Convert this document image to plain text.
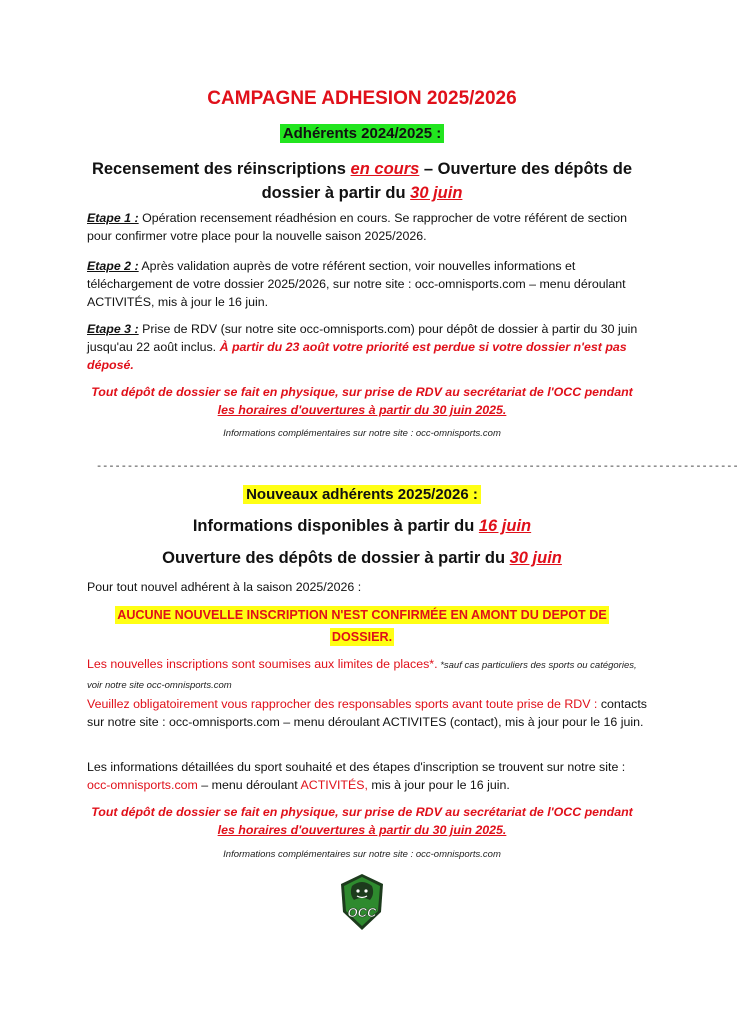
CAMPAGNE ADHESION 2025/2026
Adhérents 2024/2025 :
Recensement des réinscriptions en cours – Ouverture des dépôts de
dossier à partir du 30 juin
Etape 1 : Opération recensement réadhésion en cours. Se rapprocher de votre référent de section pour confirmer votre place pour la nouvelle saison 2025/2026.
Etape 2 : Après validation auprès de votre référent section, voir nouvelles informations et téléchargement de votre dossier 2025/2026, sur notre site : occ-omnisports.com – menu déroulant ACTIVITÉS, mis à jour le 16 juin.
Etape 3 : Prise de RDV (sur notre site occ-omnisports.com) pour dépôt de dossier à partir du 30 juin jusqu'au 22 août inclus. À partir du 23 août votre priorité est perdue si votre dossier n'est pas déposé.
Tout dépôt de dossier se fait en physique, sur prise de RDV au secrétariat de l'OCC pendant
les horaires d'ouvertures à partir du 30 juin 2025.
Informations complémentaires sur notre site : occ-omnisports.com
--------------------------------------------------------------------------------------------------------
Nouveaux adhérents 2025/2026 :
Informations disponibles à partir du 16 juin
Ouverture des dépôts de dossier à partir du 30 juin
Pour tout nouvel adhérent à la saison 2025/2026 :
AUCUNE NOUVELLE INSCRIPTION N'EST CONFIRMÉE EN AMONT DU DEPOT DE
DOSSIER.
Les nouvelles inscriptions sont soumises aux limites de places*. *sauf cas particuliers des sports ou catégories, voir notre site occ-omnisports.com
Veuillez obligatoirement vous rapprocher des responsables sports avant toute prise de RDV : contacts sur notre site : occ-omnisports.com – menu déroulant ACTIVITES (contact), mis à jour pour le 16 juin.
Les informations détaillées du sport souhaité et des étapes d'inscription se trouvent sur notre site : occ-omnisports.com – menu déroulant ACTIVITÉS, mis à jour pour le 16 juin.
Tout dépôt de dossier se fait en physique, sur prise de RDV au secrétariat de l'OCC pendant
les horaires d'ouvertures à partir du 30 juin 2025.
Informations complémentaires sur notre site : occ-omnisports.com
OCC
